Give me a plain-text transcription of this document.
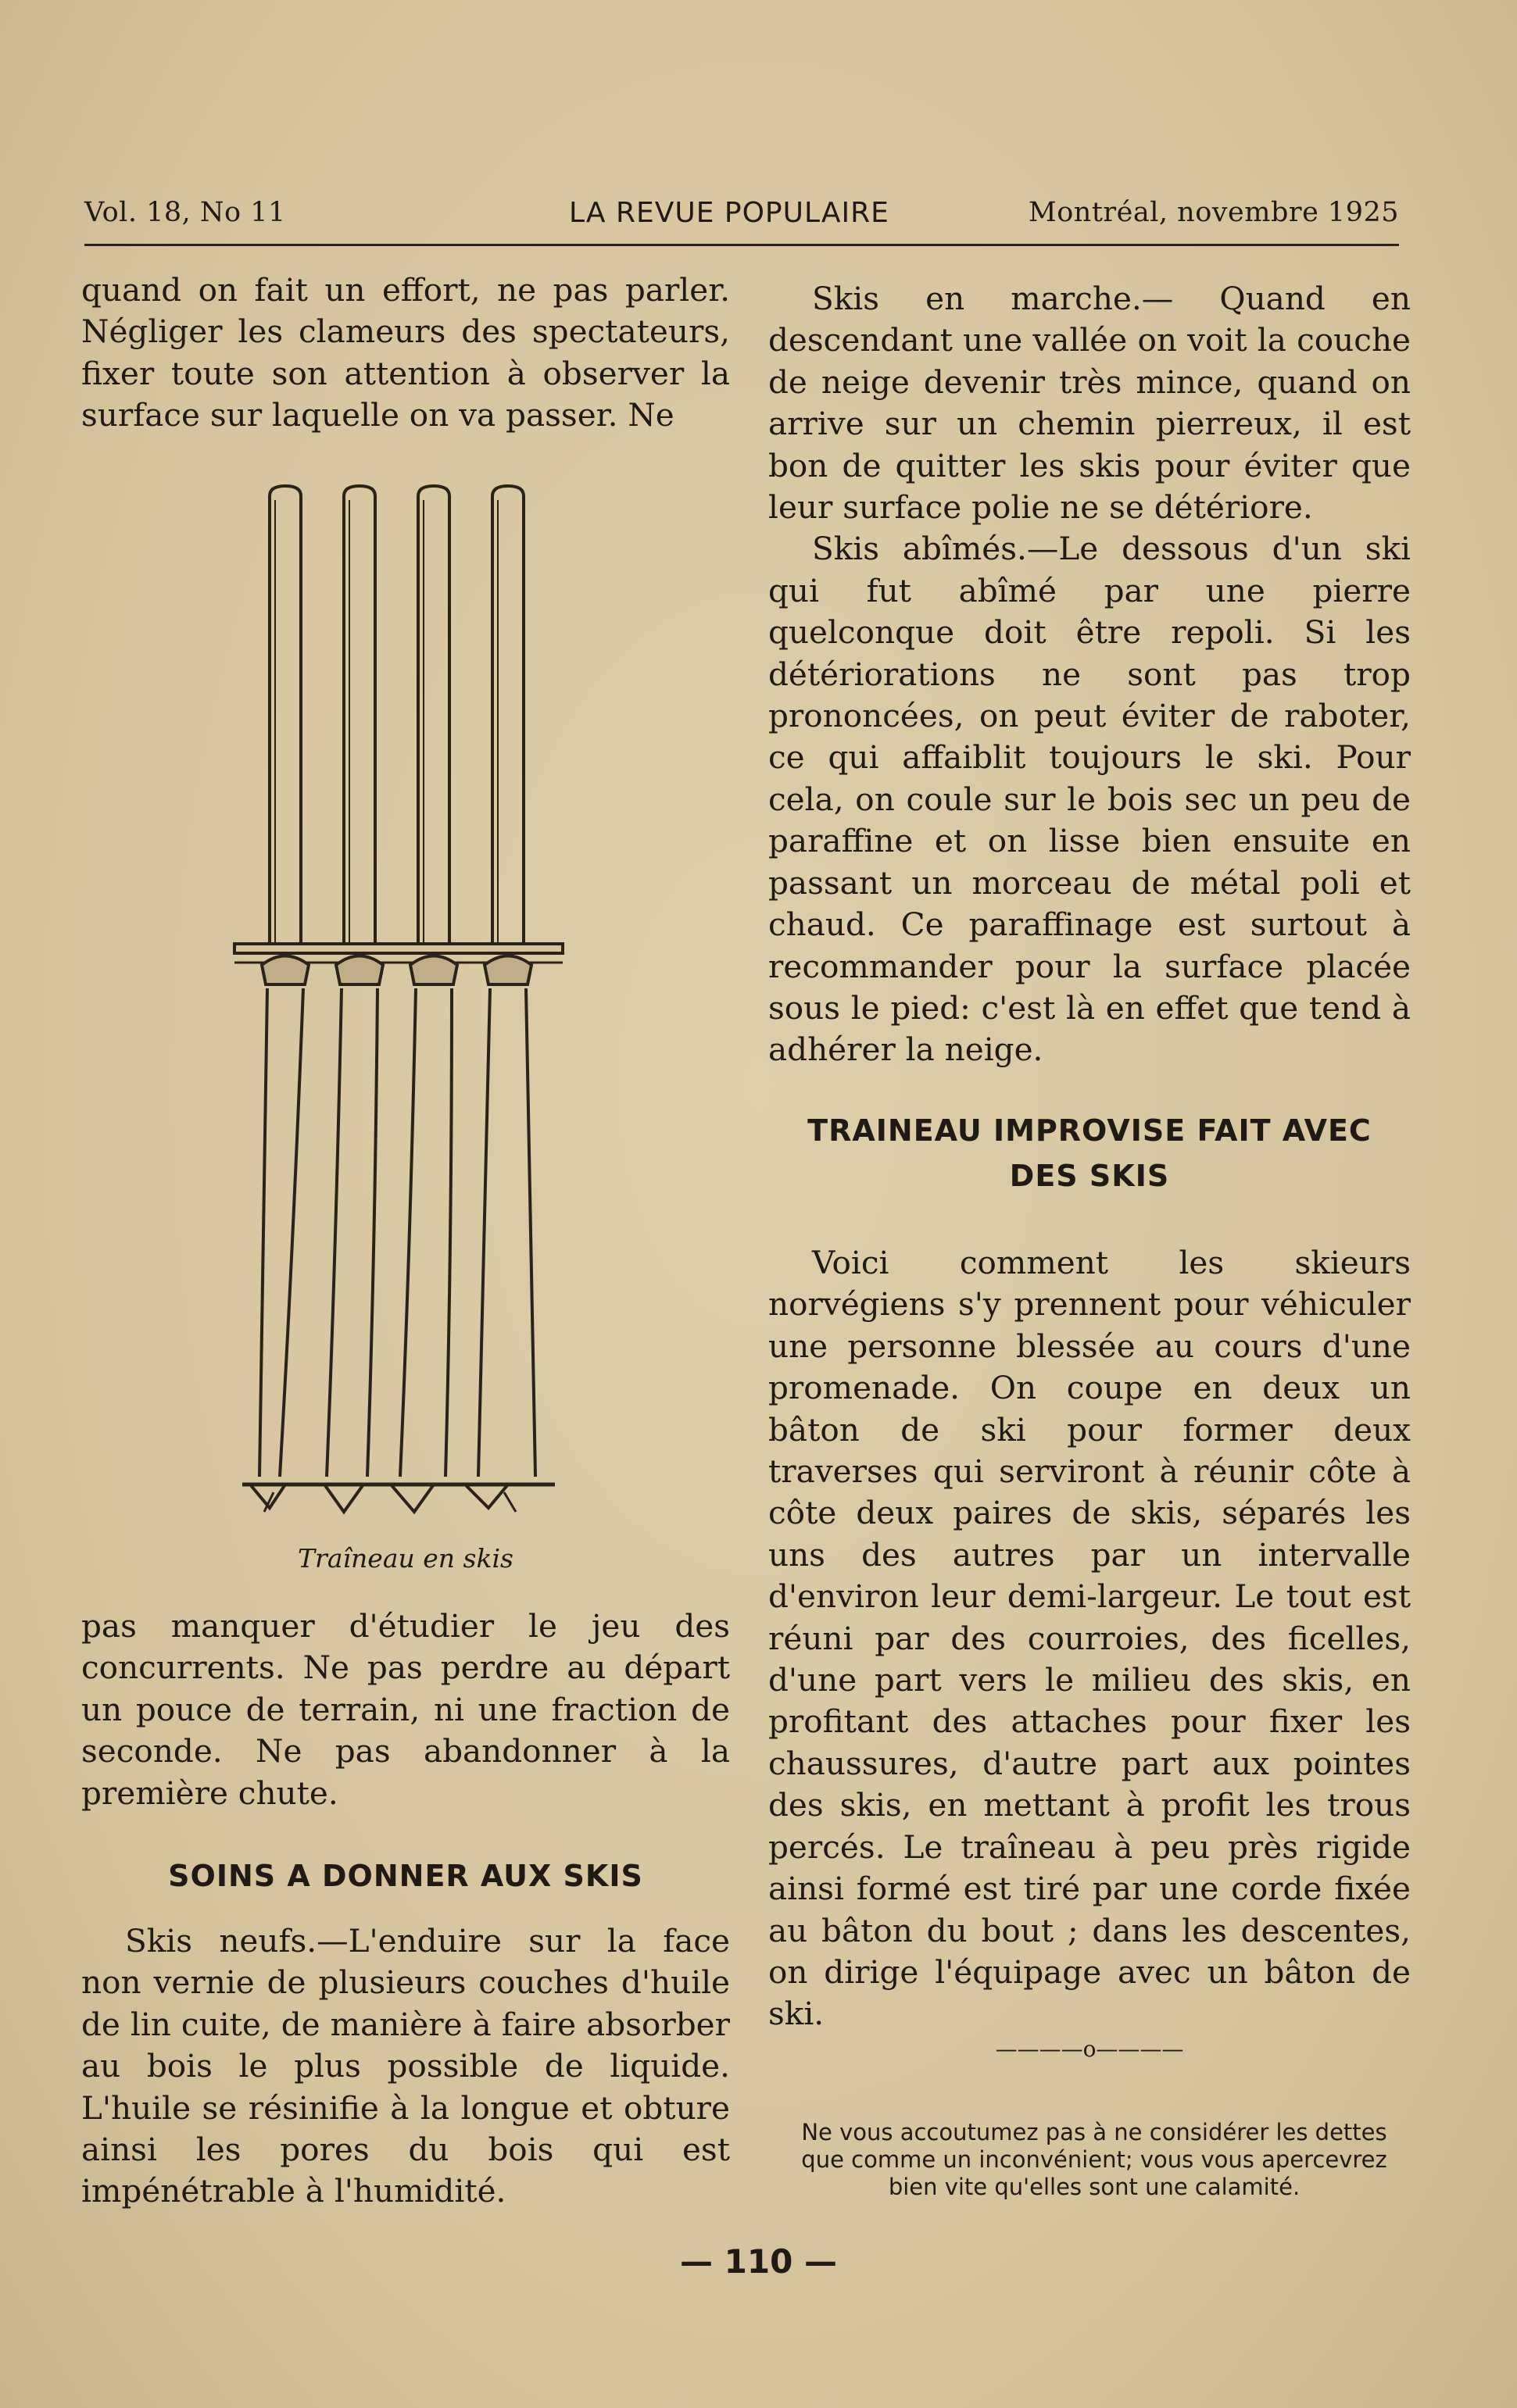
Vol. 18, No 11	LA REVUE POPULAIRE	Montréal, novembre 1925

quand on fait un effort, ne pas parler. Négliger les clameurs des spectateurs, fixer toute son attention à observer la surface sur laquelle on va passer. Ne

Traîneau en skis

pas manquer d'étudier le jeu des concurrents. Ne pas perdre au départ un pouce de terrain, ni une fraction de seconde. Ne pas abandonner à la première chute.

SOINS A DONNER AUX SKIS

Skis neufs.—L'enduire sur la face non vernie de plusieurs couches d'huile de lin cuite, de manière à faire absorber au bois le plus possible de liquide. L'huile se résinifie à la longue et obture ainsi les pores du bois qui est impénétrable à l'humidité.

Skis en marche.— Quand en descendant une vallée on voit la couche de neige devenir très mince, quand on arrive sur un chemin pierreux, il est bon de quitter les skis pour éviter que leur surface polie ne se détériore.

Skis abîmés.—Le dessous d'un ski qui fut abîmé par une pierre quelconque doit être repoli. Si les détériorations ne sont pas trop prononcées, on peut éviter de raboter, ce qui affaiblit toujours le ski. Pour cela, on coule sur le bois sec un peu de paraffine et on lisse bien ensuite en passant un morceau de métal poli et chaud. Ce paraffinage est surtout à recommander pour la surface placée sous le pied: c'est là en effet que tend à adhérer la neige.

TRAINEAU IMPROVISE FAIT AVEC DES SKIS

Voici comment les skieurs norvégiens s'y prennent pour véhiculer une personne blessée au cours d'une promenade. On coupe en deux un bâton de ski pour former deux traverses qui serviront à réunir côte à côte deux paires de skis, séparés les uns des autres par un intervalle d'environ leur demi-largeur. Le tout est réuni par des courroies, des ficelles, d'une part vers le milieu des skis, en profitant des attaches pour fixer les chaussures, d'autre part aux pointes des skis, en mettant à profit les trous percés. Le traîneau à peu près rigide ainsi formé est tiré par une corde fixée au bâton du bout ; dans les descentes, on dirige l'équipage avec un bâton de ski.

————o————
Ne vous accoutumez pas à ne considérer les dettes que comme un inconvénient; vous vous apercevrez bien vite qu'elles sont une calamité.
— 110 —
